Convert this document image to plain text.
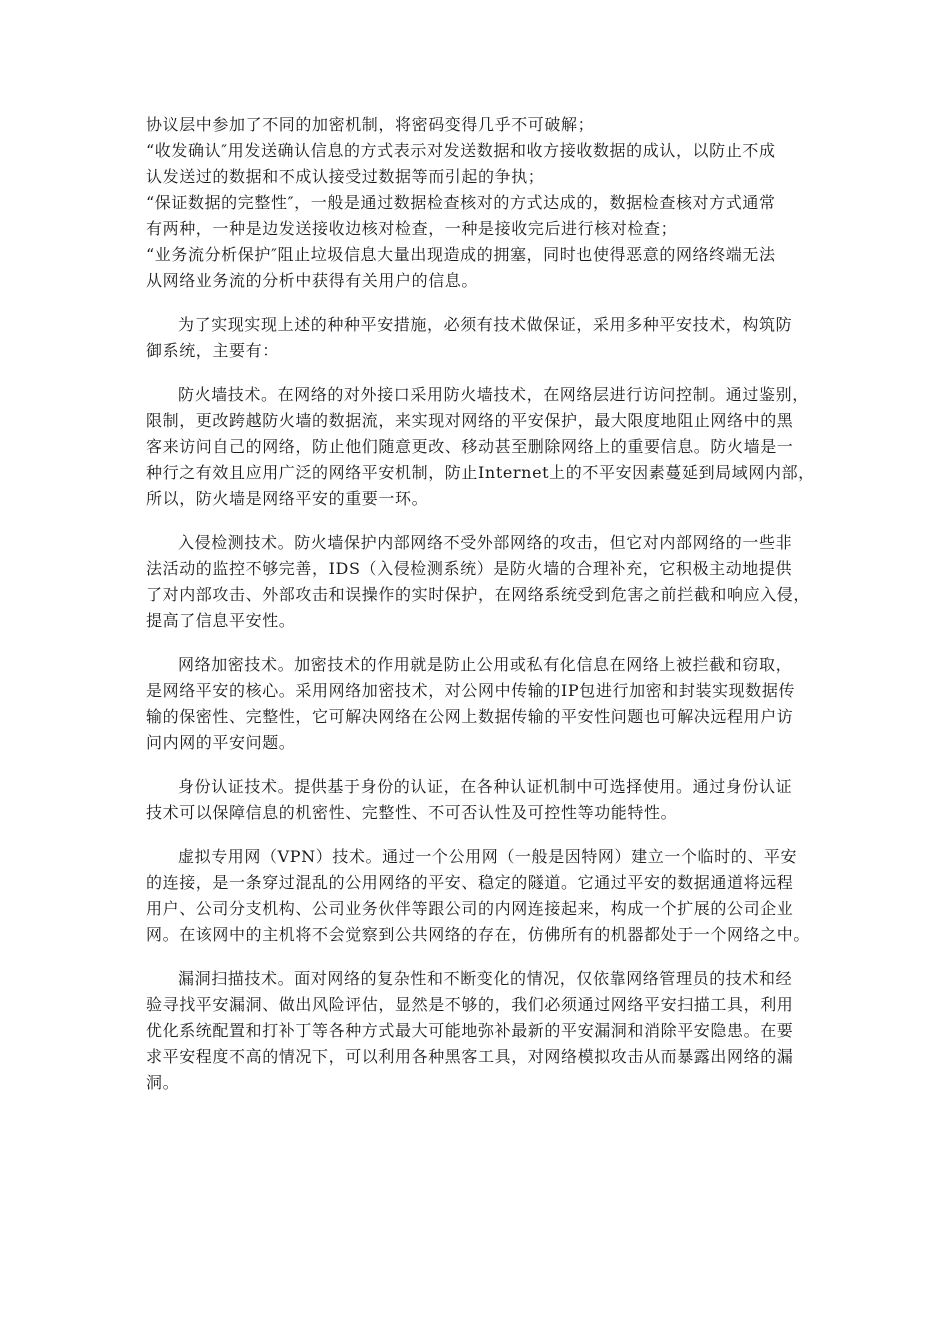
协议层中参加了不同的加密机制，将密码变得几乎不可破解；
“收发确认″用发送确认信息的方式表示对发送数据和收方接收数据的成认，以防止不成
认发送过的数据和不成认接受过数据等而引起的争执；
“保证数据的完整性″，一般是通过数据检查核对的方式达成的，数据检查核对方式通常
有两种，一种是边发送接收边核对检查，一种是接收完后进行核对检查；
“业务流分析保护″阻止垃圾信息大量出现造成的拥塞，同时也使得恶意的网络终端无法
从网络业务流的分析中获得有关用户的信息。
为了实现实现上述的种种平安措施，必须有技术做保证，采用多种平安技术，构筑防
御系统，主要有：
防火墙技术。在网络的对外接口采用防火墙技术，在网络层进行访问控制。通过鉴别，
限制，更改跨越防火墙的数据流，来实现对网络的平安保护，最大限度地阻止网络中的黑
客来访问自己的网络，防止他们随意更改、移动甚至删除网络上的重要信息。防火墙是一
种行之有效且应用广泛的网络平安机制，防止Internet上的不平安因素蔓延到局域网内部，
所以，防火墙是网络平安的重要一环。
入侵检测技术。防火墙保护内部网络不受外部网络的攻击，但它对内部网络的一些非
法活动的监控不够完善，IDS（入侵检测系统）是防火墙的合理补充，它积极主动地提供
了对内部攻击、外部攻击和误操作的实时保护，在网络系统受到危害之前拦截和响应入侵，
提高了信息平安性。
网络加密技术。加密技术的作用就是防止公用或私有化信息在网络上被拦截和窃取，
是网络平安的核心。采用网络加密技术，对公网中传输的IP包进行加密和封装实现数据传
输的保密性、完整性，它可解决网络在公网上数据传输的平安性问题也可解决远程用户访
问内网的平安问题。
身份认证技术。提供基于身份的认证，在各种认证机制中可选择使用。通过身份认证
技术可以保障信息的机密性、完整性、不可否认性及可控性等功能特性。
虚拟专用网（VPN）技术。通过一个公用网（一般是因特网）建立一个临时的、平安
的连接，是一条穿过混乱的公用网络的平安、稳定的隧道。它通过平安的数据通道将远程
用户、公司分支机构、公司业务伙伴等跟公司的内网连接起来，构成一个扩展的公司企业
网。在该网中的主机将不会觉察到公共网络的存在，仿佛所有的机器都处于一个网络之中。
漏洞扫描技术。面对网络的复杂性和不断变化的情况，仅依靠网络管理员的技术和经
验寻找平安漏洞、做出风险评估，显然是不够的，我们必须通过网络平安扫描工具，利用
优化系统配置和打补丁等各种方式最大可能地弥补最新的平安漏洞和消除平安隐患。在要
求平安程度不高的情况下，可以利用各种黑客工具，对网络模拟攻击从而暴露出网络的漏
洞。
